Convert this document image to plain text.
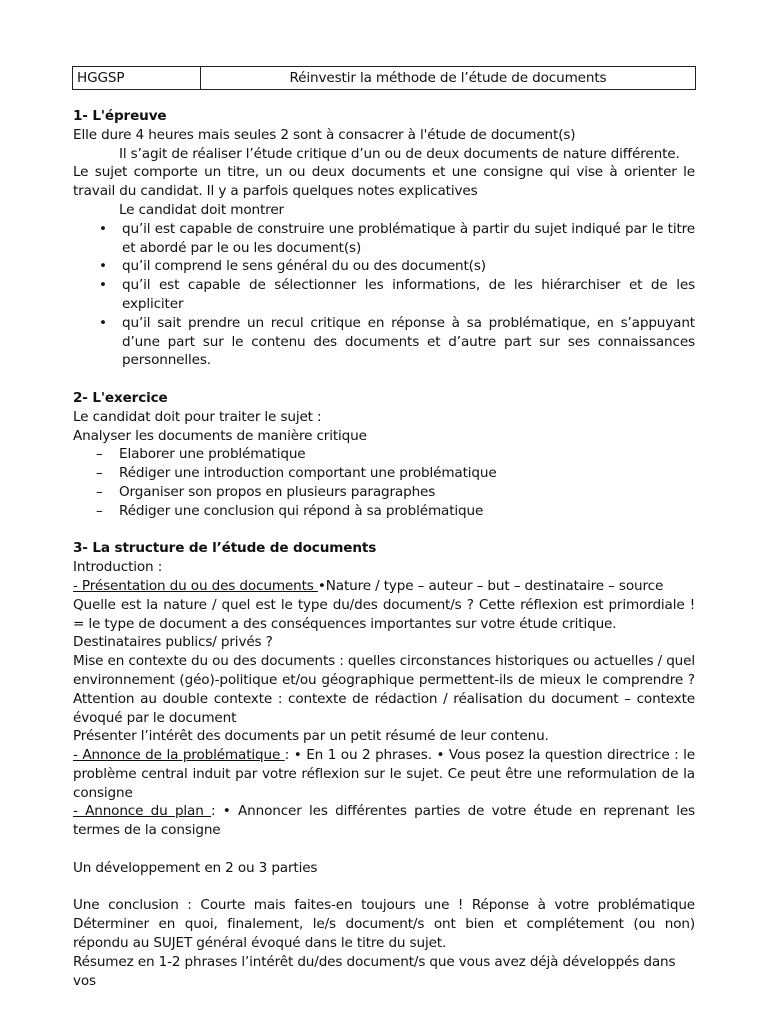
HGGSP	Réinvestir la méthode de l’étude de documents
1- L'épreuve

Elle dure 4 heures mais seules 2 sont à consacrer à l'étude de document(s)

Il s’agit de réaliser l’étude critique d’un ou de deux documents de nature différente.

Le sujet comporte un titre, un ou deux documents et une consigne qui vise à orienter le travail du candidat. Il y a parfois quelques notes explicatives

Le candidat doit montrer

• qu’il est capable de construire une problématique à partir du sujet indiqué par le titre et abordé par le ou les document(s)
• qu’il comprend le sens général du ou des document(s)
• qu’il est capable de sélectionner les informations, de les hiérarchiser et de les expliciter
• qu’il sait prendre un recul critique en réponse à sa problématique, en s’appuyant d’une part sur le contenu des documents et d’autre part sur ses connaissances personnelles.
2- L'exercice

Le candidat doit pour traiter le sujet :

Analyser les documents de manière critique

– Elaborer une problématique
– Rédiger une introduction comportant une problématique
– Organiser son propos en plusieurs paragraphes
– Rédiger une conclusion qui répond à sa problématique
3- La structure de l’étude de documents

Introduction :

- Présentation du ou des documents •Nature / type – auteur – but – destinataire – source

Quelle est la nature / quel est le type du/des document/s ? Cette réflexion est primordiale ! = le type de document a des conséquences importantes sur votre étude critique.

Destinataires publics/ privés ?

Mise en contexte du ou des documents : quelles circonstances historiques ou actuelles / quel environnement (géo)-politique et/ou géographique permettent-ils de mieux le comprendre ? Attention au double contexte : contexte de rédaction / réalisation du document – contexte évoqué par le document

Présenter l’intérêt des documents par un petit résumé de leur contenu.

- Annonce de la problématique : • En 1 ou 2 phrases. • Vous posez la question directrice : le problème central induit par votre réflexion sur le sujet. Ce peut être une reformulation de la consigne

- Annonce du plan : • Annoncer les différentes parties de votre étude en reprenant les termes de la consigne

Un développement en 2 ou 3 parties

Une conclusion : Courte mais faites-en toujours une ! Réponse à votre problématique Déterminer en quoi, finalement, le/s document/s ont bien et complétement (ou non) répondu au SUJET général évoqué dans le titre du sujet.

Résumez en 1-2 phrases l’intérêt du/des document/s que vous avez déjà développés dans vos
